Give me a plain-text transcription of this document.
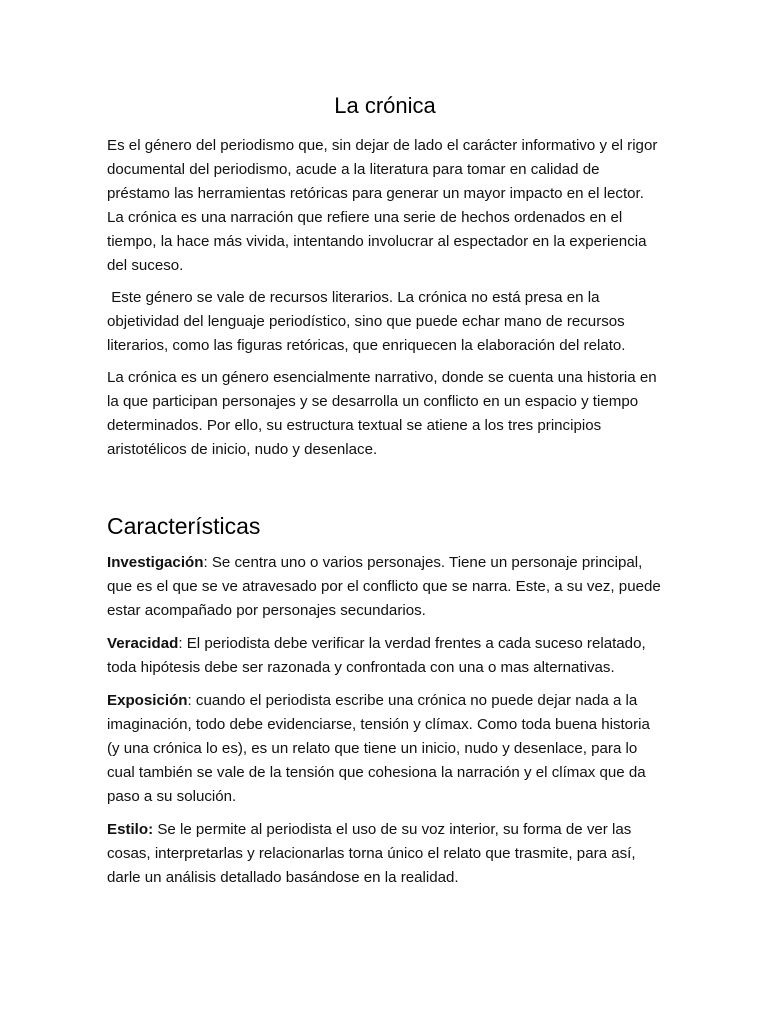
La crónica

Es el género del periodismo que, sin dejar de lado el carácter informativo y el rigor documental del periodismo, acude a la literatura para tomar en calidad de préstamo las herramientas retóricas para generar un mayor impacto en el lector. La crónica es una narración que refiere una serie de hechos ordenados en el tiempo, la hace más vivida, intentando involucrar al espectador en la experiencia del suceso.

Este género se vale de recursos literarios. La crónica no está presa en la objetividad del lenguaje periodístico, sino que puede echar mano de recursos literarios, como las figuras retóricas, que enriquecen la elaboración del relato.

La crónica es un género esencialmente narrativo, donde se cuenta una historia en la que participan personajes y se desarrolla un conflicto en un espacio y tiempo determinados. Por ello, su estructura textual se atiene a los tres principios aristotélicos de inicio, nudo y desenlace.

Características

Investigación: Se centra uno o varios personajes. Tiene un personaje principal, que es el que se ve atravesado por el conflicto que se narra. Este, a su vez, puede estar acompañado por personajes secundarios.

Veracidad: El periodista debe verificar la verdad frentes a cada suceso relatado, toda hipótesis debe ser razonada y confrontada con una o mas alternativas.

Exposición: cuando el periodista escribe una crónica no puede dejar nada a la imaginación, todo debe evidenciarse, tensión y clímax. Como toda buena historia (y una crónica lo es), es un relato que tiene un inicio, nudo y desenlace, para lo cual también se vale de la tensión que cohesiona la narración y el clímax que da paso a su solución.

Estilo: Se le permite al periodista el uso de su voz interior, su forma de ver las cosas, interpretarlas y relacionarlas torna único el relato que trasmite, para así, darle un análisis detallado basándose en la realidad.
